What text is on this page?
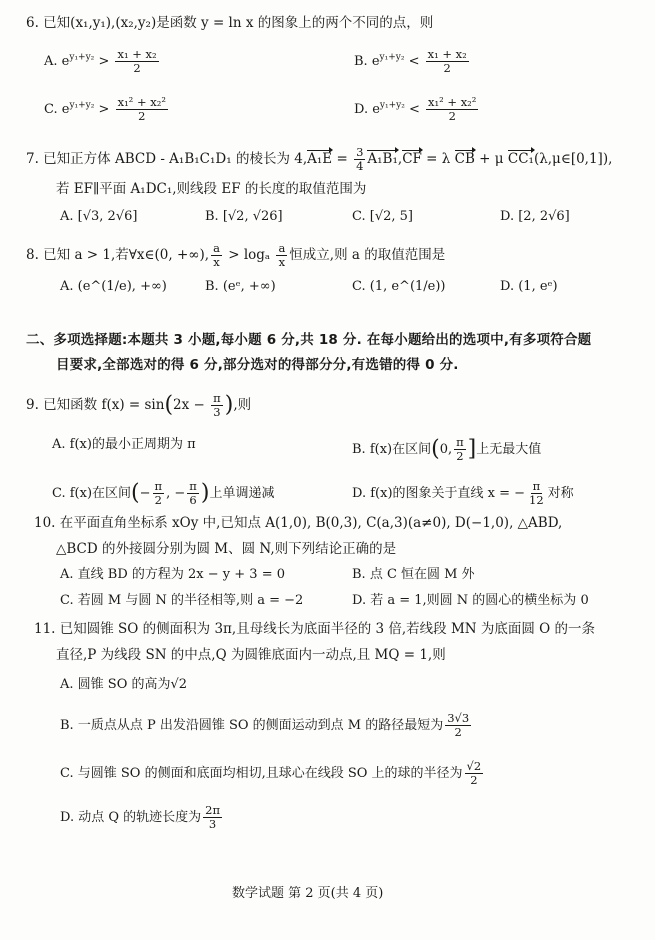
6. 已知(x₁,y₁),(x₂,y₂)是函数 y = ln x 的图象上的两个不同的点，则
A. $e^{y_1+y_2} > \frac{\text{x₁ + x₂}}{2}$	B. $e^{y_1+y_2} < \frac{\text{x₁ + x₂}}{2}$
C. $e^{y_1+y_2} > \frac{\text{x₁² + x₂²}}{2}$	D. $e^{y_1+y_2} < \frac{\text{x₁² + x₂²}}{2}$
7. 已知正方体 ABCD - A₁B₁C₁D₁ 的棱长为 $4,A_1E = \frac{3}{4} A_1B_1,CF = \lambda$ CB + μ CC₁(λ,μ∈[0,1]),
若 EF∥平面 A₁DC₁,则线段 EF 的长度的取值范围为
A. [√3, 2√6]	B. [√2, √26]	C. [√2, 5]	D. [2, 2√6]
8. 已知 a > 1,若∀x∈(0, +∞), $\frac{a}{x} > \log_a \frac{a}{x}$ 恒成立,则 a 的取值范围是
A. (e^(1/e), +∞)	B. (eᵉ, +∞)	C. (1, e^(1/e))	D. (1, eᵉ)
二、多项选择题:本题共 3 小题,每小题 6 分,共 18 分. 在每小题给出的选项中,有多项符合题
目要求,全部选对的得 6 分,部分选对的得部分分,有选错的得 0 分.
9. 已知函数 $f(x) = \sin(2x - \frac{\pi}{3}$ ),则
A. f(x)的最小正周期为 π	B. f(x)在区间(0, $\frac{\pi}{2}$ ]上无最大值
C. f(x)在区间(− $\frac{\pi}{2}$ , − $\frac{\pi}{6}$ )上单调递减	D. f(x)的图象关于直线 x = − $\frac{\pi}{12}$ 对称
10. 在平面直角坐标系 xOy 中,已知点 A(1,0), B(0,3), C(a,3)(a≠0), D(−1,0), △ABD,
△BCD 的外接圆分别为圆 M、圆 N,则下列结论正确的是
A. 直线 BD 的方程为 2x − y + 3 = 0	B. 点 C 恒在圆 M 外
C. 若圆 M 与圆 N 的半径相等,则 a = −2	D. 若 a = 1,则圆 N 的圆心的横坐标为 0
11. 已知圆锥 SO 的侧面积为 3π,且母线长为底面半径的 3 倍,若线段 MN 为底面圆 O 的一条
直径,P 为线段 SN 的中点,Q 为圆锥底面内一动点,且 MQ = 1,则
A. 圆锥 SO 的高为√2
B. 一质点从点 P 出发沿圆锥 SO 的侧面运动到点 M 的路径最短为 $\frac{3√3}{2}$
C. 与圆锥 SO 的侧面和底面均相切,且球心在线段 SO 上的球的半径为 $\frac{√2}{2}$
D. 动点 Q 的轨迹长度为 $\frac{2\pi}{3}$
数学试题 第 2 页(共 4 页)
